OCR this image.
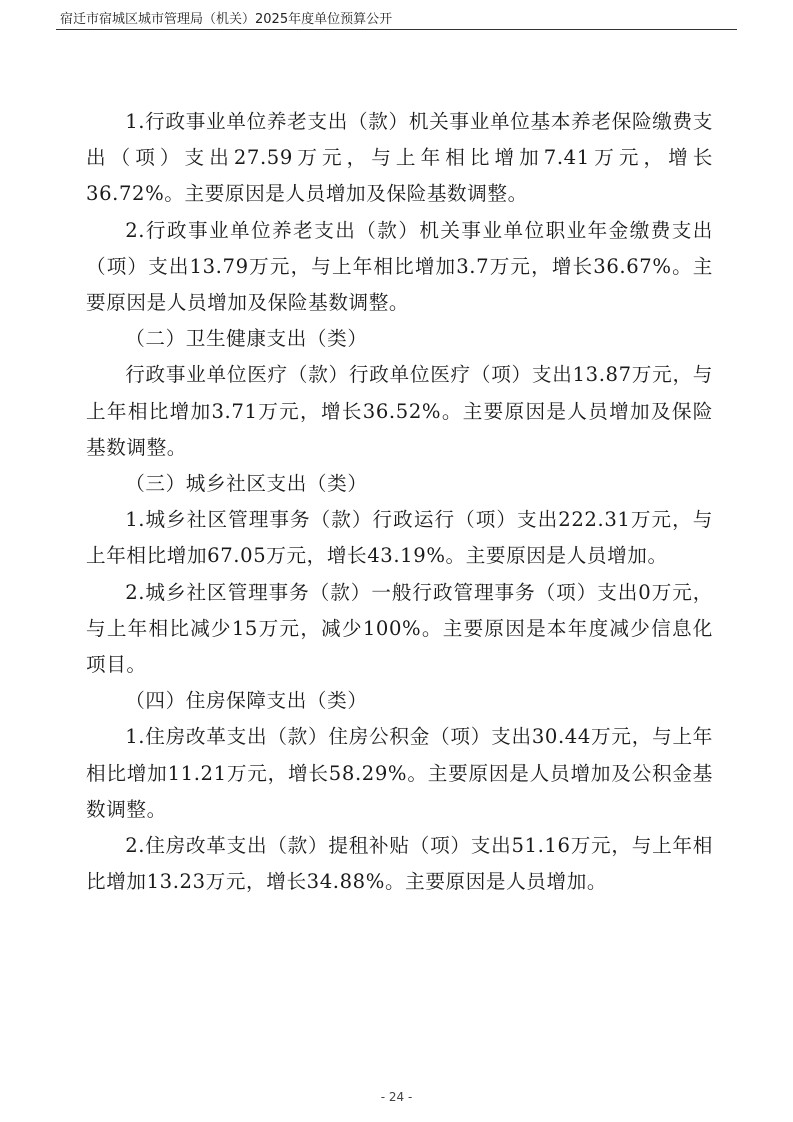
宿迁市宿城区城市管理局（机关）2025年度单位预算公开

1.行政事业单位养老支出（款）机关事业单位基本养老保险缴费支出（项）支出27.59万元，与上年相比增加7.41万元，增长36.72%。主要原因是人员增加及保险基数调整。

2.行政事业单位养老支出（款）机关事业单位职业年金缴费支出（项）支出13.79万元，与上年相比增加3.7万元，增长36.67%。主要原因是人员增加及保险基数调整。

（二）卫生健康支出（类）

行政事业单位医疗（款）行政单位医疗（项）支出13.87万元，与上年相比增加3.71万元，增长36.52%。主要原因是人员增加及保险基数调整。

（三）城乡社区支出（类）

1.城乡社区管理事务（款）行政运行（项）支出222.31万元，与上年相比增加67.05万元，增长43.19%。主要原因是人员增加。

2.城乡社区管理事务（款）一般行政管理事务（项）支出0万元，与上年相比减少15万元，减少100%。主要原因是本年度减少信息化项目。

（四）住房保障支出（类）

1.住房改革支出（款）住房公积金（项）支出30.44万元，与上年相比增加11.21万元，增长58.29%。主要原因是人员增加及公积金基数调整。

2.住房改革支出（款）提租补贴（项）支出51.16万元，与上年相比增加13.23万元，增长34.88%。主要原因是人员增加。

- 24 -
